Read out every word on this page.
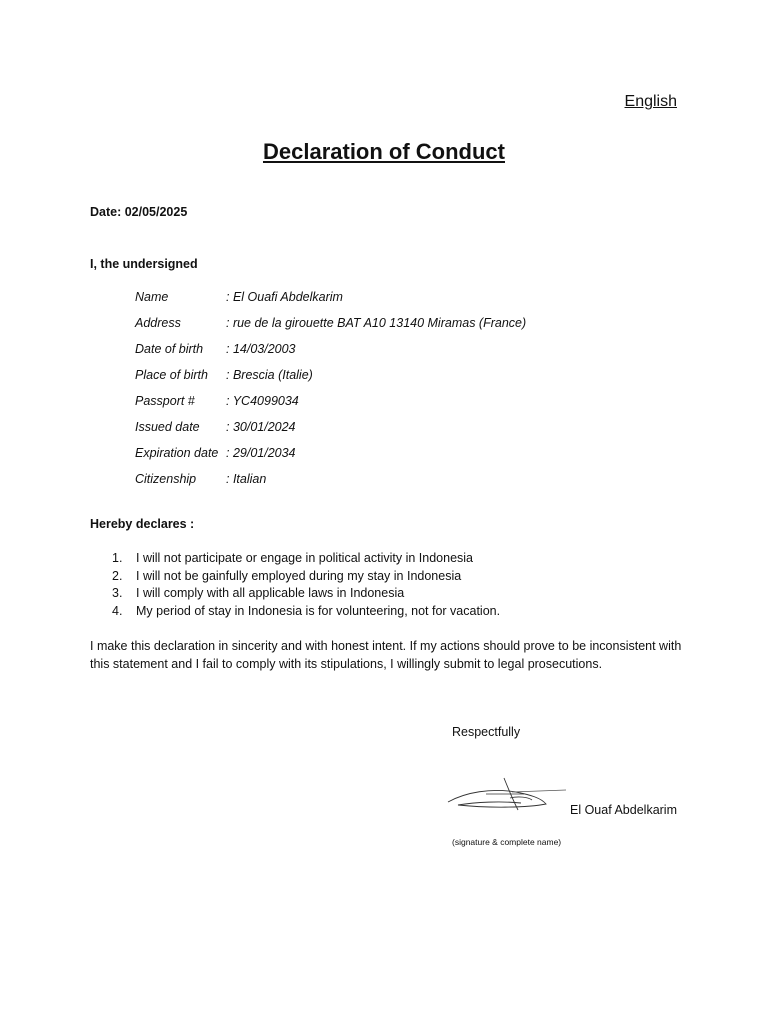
English
Declaration of Conduct
Date: 02/05/2025
I, the undersigned
Name	: El Ouafi Abdelkarim
Address	: rue de la girouette BAT A10 13140 Miramas (France)
Date of birth	: 14/03/2003
Place of birth	: Brescia (Italie)
Passport #	: YC4099034
Issued date	: 30/01/2024
Expiration date : 29/01/2034
Citizenship	: Italian
Hereby declares :
1.	I will not participate or engage in political activity in Indonesia
2.	I will not be gainfully employed during my stay in Indonesia
3.	I will comply with all applicable laws in Indonesia
4.	My period of stay in Indonesia is for volunteering, not for vacation.
I make this declaration in sincerity and with honest intent. If my actions should prove to be inconsistent with this statement and I fail to comply with its stipulations, I willingly submit to legal prosecutions.
Respectfully
El Ouaf Abdelkarim
(signature & complete name)
